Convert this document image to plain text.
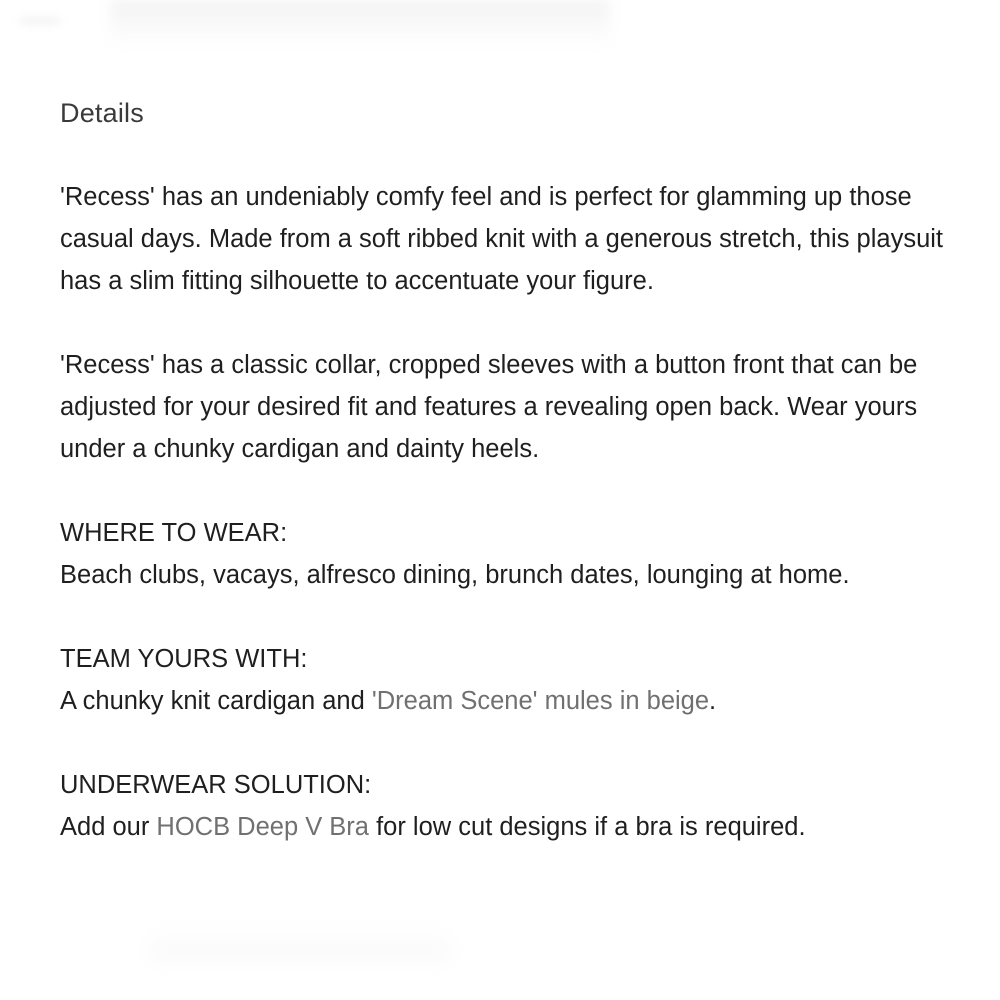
Details

'Recess' has an undeniably comfy feel and is perfect for glamming up those casual days. Made from a soft ribbed knit with a generous stretch, this playsuit has a slim fitting silhouette to accentuate your figure.

'Recess' has a classic collar, cropped sleeves with a button front that can be adjusted for your desired fit and features a revealing open back. Wear yours under a chunky cardigan and dainty heels.

WHERE TO WEAR:
Beach clubs, vacays, alfresco dining, brunch dates, lounging at home.

TEAM YOURS WITH:
A chunky knit cardigan and 'Dream Scene' mules in beige.

UNDERWEAR SOLUTION:
Add our HOCB Deep V Bra for low cut designs if a bra is required.
